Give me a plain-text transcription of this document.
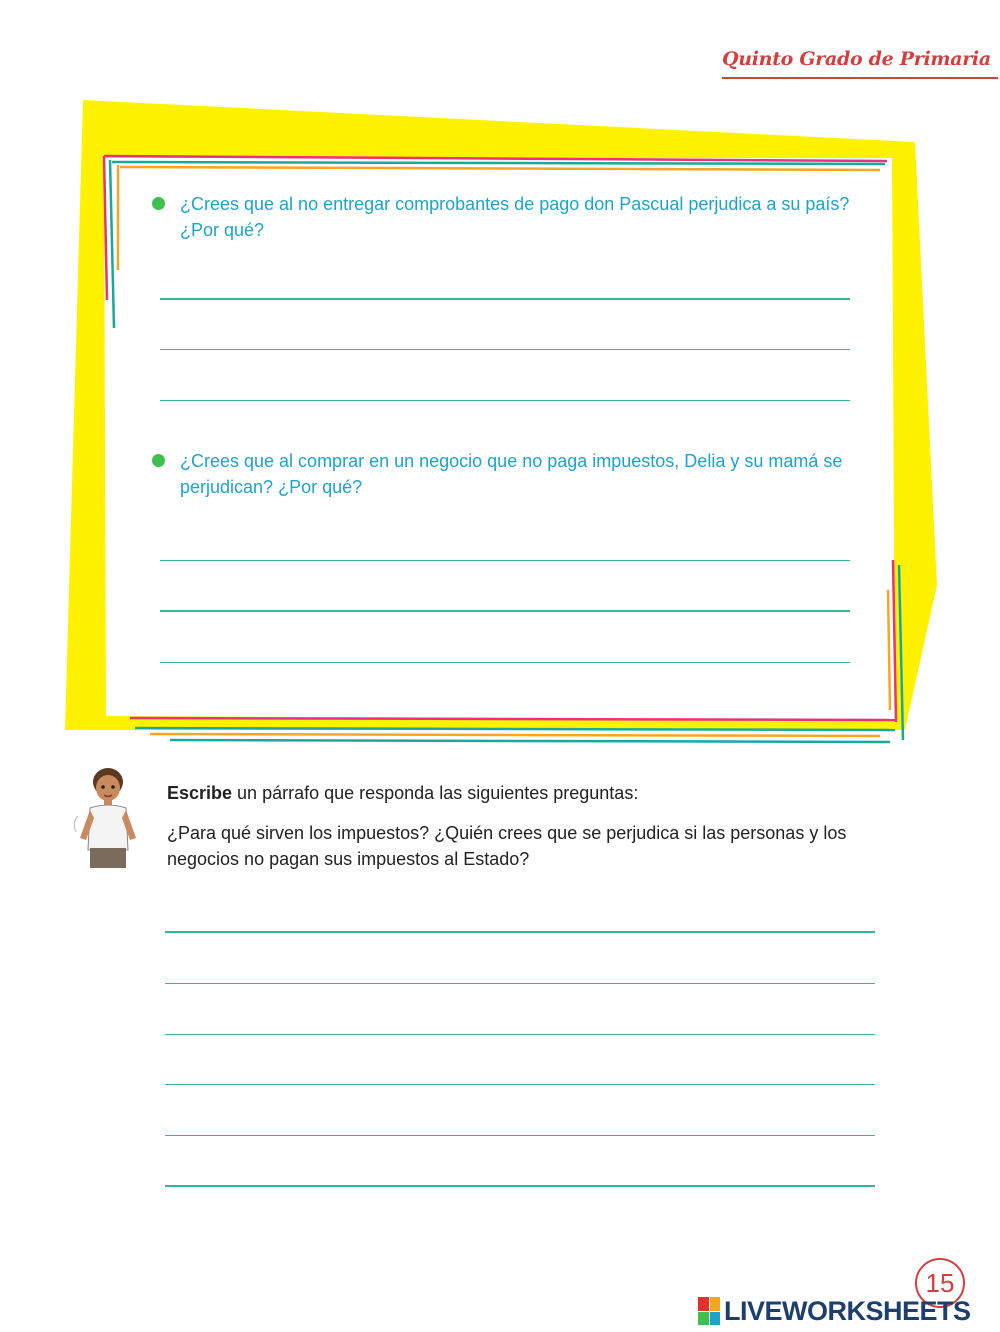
Quinto Grado de Primaria
¿Crees que al no entregar comprobantes de pago don Pascual perjudica a su país? ¿Por qué?
¿Crees que al comprar en un negocio que no paga impuestos, Delia y su mamá se perjudican? ¿Por qué?
Escribe un párrafo que responda las siguientes preguntas:
¿Para qué sirven los impuestos? ¿Quién crees que se perjudica si las personas y los negocios no pagan sus impuestos al Estado?
15
LIVEWORKSHEETS
